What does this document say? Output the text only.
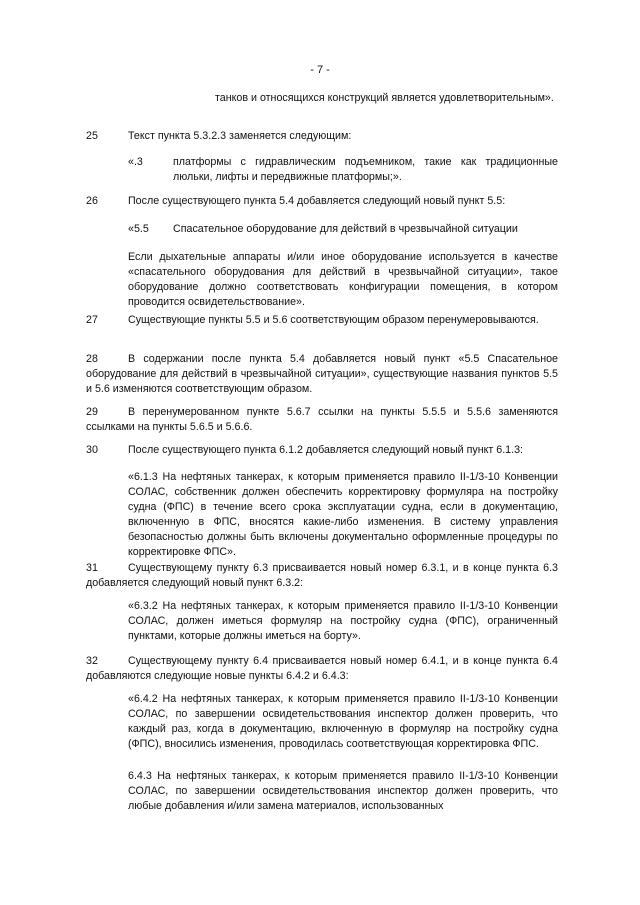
- 7 -
танков и относящихся конструкций является удовлетворительным».
25	Текст пункта 5.3.2.3 заменяется следующим:
«.3	платформы с гидравлическим подъемником, такие как традиционные люльки, лифты и передвижные платформы;».
26	После существующего пункта 5.4 добавляется следующий новый пункт 5.5:
«5.5 Спасательное оборудование для действий в чрезвычайной ситуации
Если дыхательные аппараты и/или иное оборудование используется в качестве «спасательного оборудования для действий в чрезвычайной ситуации», такое оборудование должно соответствовать конфигурации помещения, в котором проводится освидетельствование».
27	Существующие пункты 5.5 и 5.6 соответствующим образом перенумеровываются.
28	В содержании после пункта 5.4 добавляется новый пункт «5.5 Спасательное оборудование для действий в чрезвычайной ситуации», существующие названия пунктов 5.5 и 5.6 изменяются соответствующим образом.
29	В перенумерованном пункте 5.6.7 ссылки на пункты 5.5.5 и 5.5.6 заменяются ссылками на пункты 5.6.5 и 5.6.6.
30	После существующего пункта 6.1.2 добавляется следующий новый пункт 6.1.3:
«6.1.3 На нефтяных танкерах, к которым применяется правило II-1/3-10 Конвенции СОЛАС, собственник должен обеспечить корректировку формуляра на постройку судна (ФПС) в течение всего срока эксплуатации судна, если в документацию, включенную в ФПС, вносятся какие-либо изменения. В систему управления безопасностью должны быть включены документально оформленные процедуры по корректировке ФПС».
31	Существующему пункту 6.3 присваивается новый номер 6.3.1, и в конце пункта 6.3 добавляется следующий новый пункт 6.3.2:
«6.3.2 На нефтяных танкерах, к которым применяется правило II-1/3-10 Конвенции СОЛАС, должен иметься формуляр на постройку судна (ФПС), ограниченный пунктами, которые должны иметься на борту».
32	Существующему пункту 6.4 присваивается новый номер 6.4.1, и в конце пункта 6.4 добавляются следующие новые пункты 6.4.2 и 6.4.3:
«6.4.2 На нефтяных танкерах, к которым применяется правило II-1/3-10 Конвенции СОЛАС, по завершении освидетельствования инспектор должен проверить, что каждый раз, когда в документацию, включенную в формуляр на постройку судна (ФПС), вносились изменения, проводилась соответствующая корректировка ФПС.
6.4.3 На нефтяных танкерах, к которым применяется правило II-1/3-10 Конвенции СОЛАС, по завершении освидетельствования инспектор должен проверить, что любые добавления и/или замена материалов, использованных
